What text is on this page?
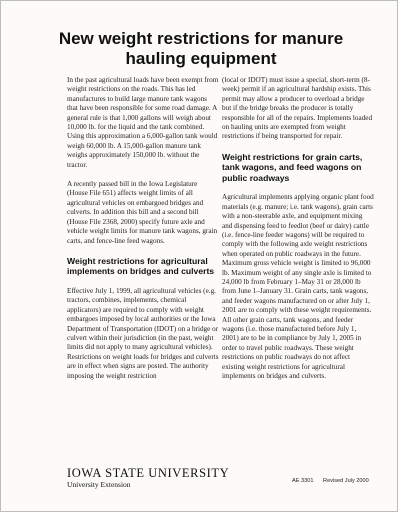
New weight restrictions for manure hauling equipment

In the past agricultural loads have been exempt from weight restrictions on the roads. This has led manufactures to build large manure tank wagons that have been responsible for some road damage. A general rule is that 1,000 gallons will weigh about 10,000 lb. for the liquid and the tank combined. Using this approximation a 6,000-gallon tank would weigh 60,000 lb. A 15,000-gallon manure tank weighs approximately 150,000 lb. without the tractor.

A recently passed bill in the Iowa Legislature (House File 651) affects weight limits of all agricultural vehicles on embargoed bridges and culverts. In addition this bill and a second bill (House File 2368, 2000) specify future axle and vehicle weight limits for manure tank wagons, grain carts, and fence-line feed wagons.

Weight restrictions for agricultural implements on bridges and culverts

Effective July 1, 1999, all agricultural vehicles (e.g. tractors, combines, implements, chemical applicators) are required to comply with weight embargoes imposed by local authorities or the Iowa Department of Transportation (IDOT) on a bridge or culvert within their jurisdiction (in the past, weight limits did not apply to many agricultural vehicles). Restrictions on weight loads for bridges and culverts are in effect when signs are posted. The authority imposing the weight restriction

(local or IDOT) must issue a special, short-term (8-week) permit if an agricultural hardship exists. This permit may allow a producer to overload a bridge but if the bridge breaks the producer is totally responsible for all of the repairs. Implements loaded on hauling units are exempted from weight restrictions if being transported for repair.

Weight restrictions for grain carts, tank wagons, and feed wagons on public roadways

Agricultural implements applying organic plant food materials (e.g. manure; i.e. tank wagons), grain carts with a non-steerable axle, and equipment mixing and dispensing feed to feedlot (beef or dairy) cattle (i.e. fence-line feeder wagons) will be required to comply with the following axle weight restrictions when operated on public roadways in the future. Maximum gross vehicle weight is limited to 96,000 lb. Maximum weight of any single axle is limited to 24,000 lb from February 1–May 31 or 28,000 lb from June 1–January 31. Grain carts, tank wagons, and feeder wagons manufactured on or after July 1, 2001 are to comply with these weight requirements. All other grain carts, tank wagons, and feeder wagons (i.e. those manufactured before July 1, 2001) are to be in compliance by July 1, 2005 in order to travel public roadways. These weight restrictions on public roadways do not affect existing weight restrictions for agricultural implements on bridges and culverts.

IOWA STATE UNIVERSITY
University Extension	AE 3301 Revised July 2000
